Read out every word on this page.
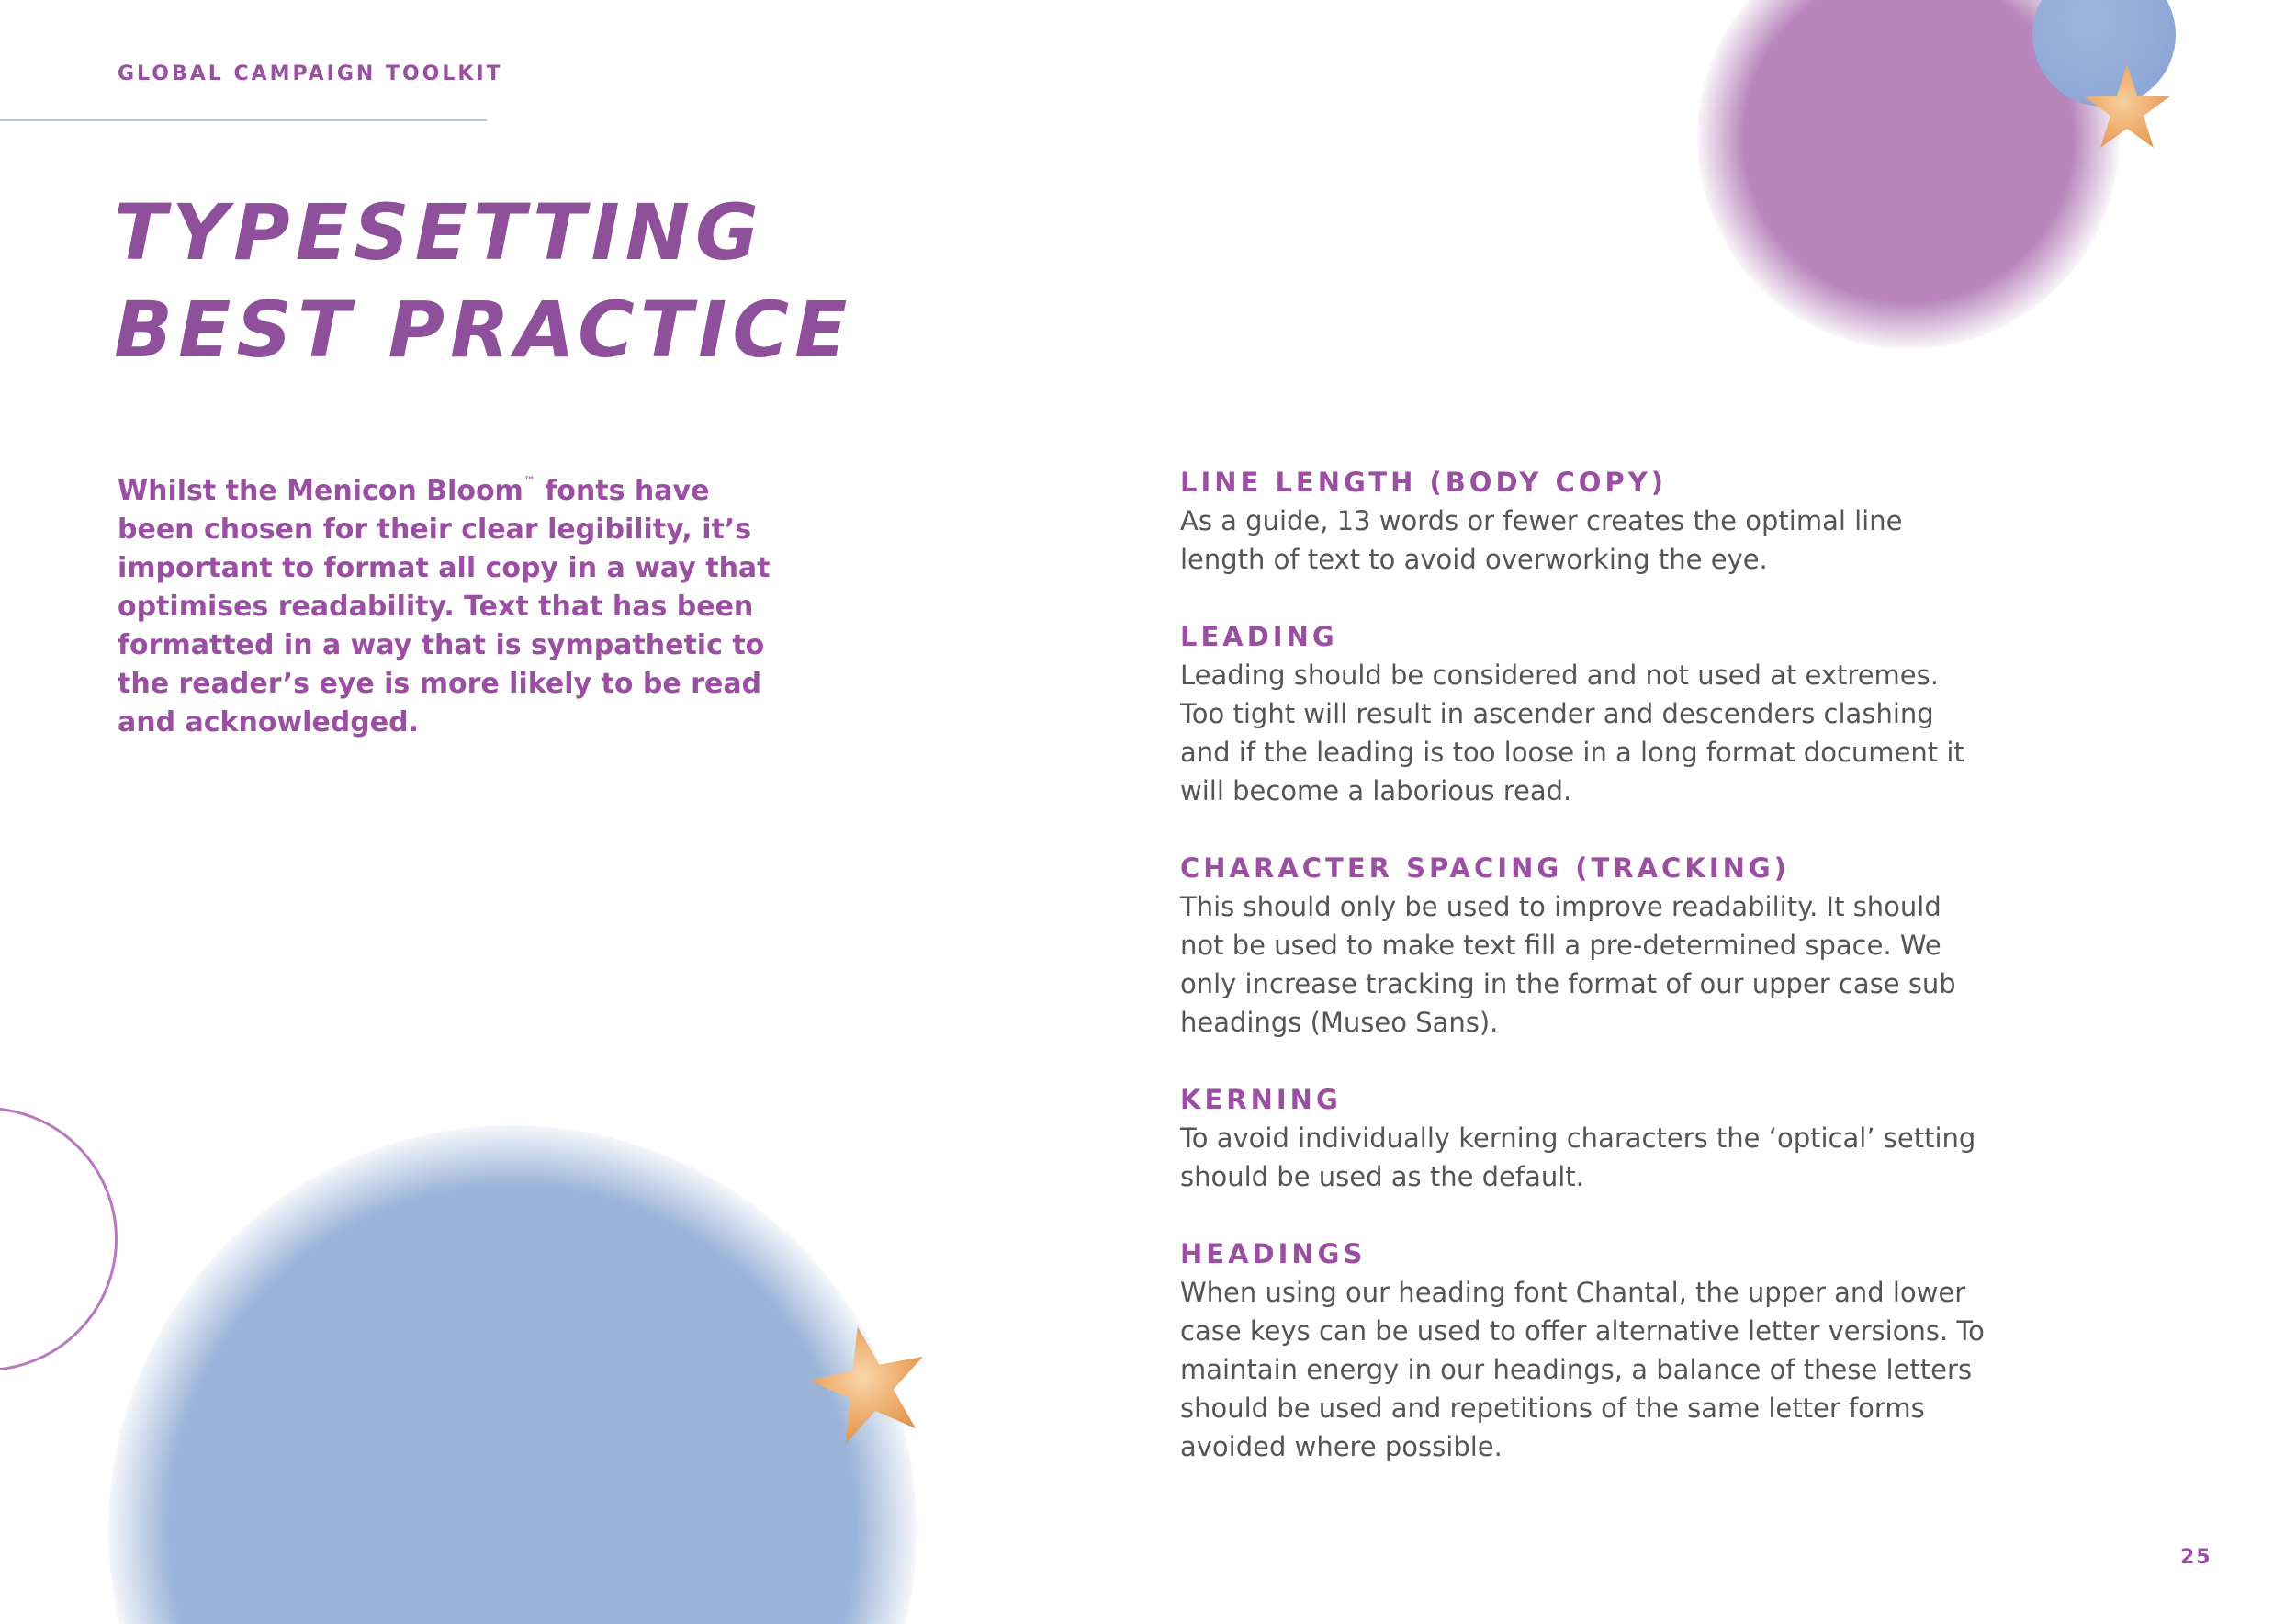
GLOBAL CAMPAIGN TOOLKIT
TYPESETTING
BEST PRACTICE

Whilst the Menicon Bloom™ fonts have been chosen for their clear legibility, it’s important to format all copy in a way that optimises readability. Text that has been formatted in a way that is sympathetic to the reader’s eye is more likely to be read and acknowledged.

LINE LENGTH (BODY COPY)

As a guide, 13 words or fewer creates the optimal line length of text to avoid overworking the eye.

LEADING

Leading should be considered and not used at extremes. Too tight will result in ascender and descenders clashing and if the leading is too loose in a long format document it will become a laborious read.

CHARACTER SPACING (TRACKING)

This should only be used to improve readability. It should not be used to make text fill a pre-determined space. We only increase tracking in the format of our upper case sub headings (Museo Sans).

KERNING

To avoid individually kerning characters the ‘optical’ setting should be used as the default.

HEADINGS

When using our heading font Chantal, the upper and lower case keys can be used to offer alternative letter versions. To maintain energy in our headings, a balance of these letters should be used and repetitions of the same letter forms avoided where possible.

25
